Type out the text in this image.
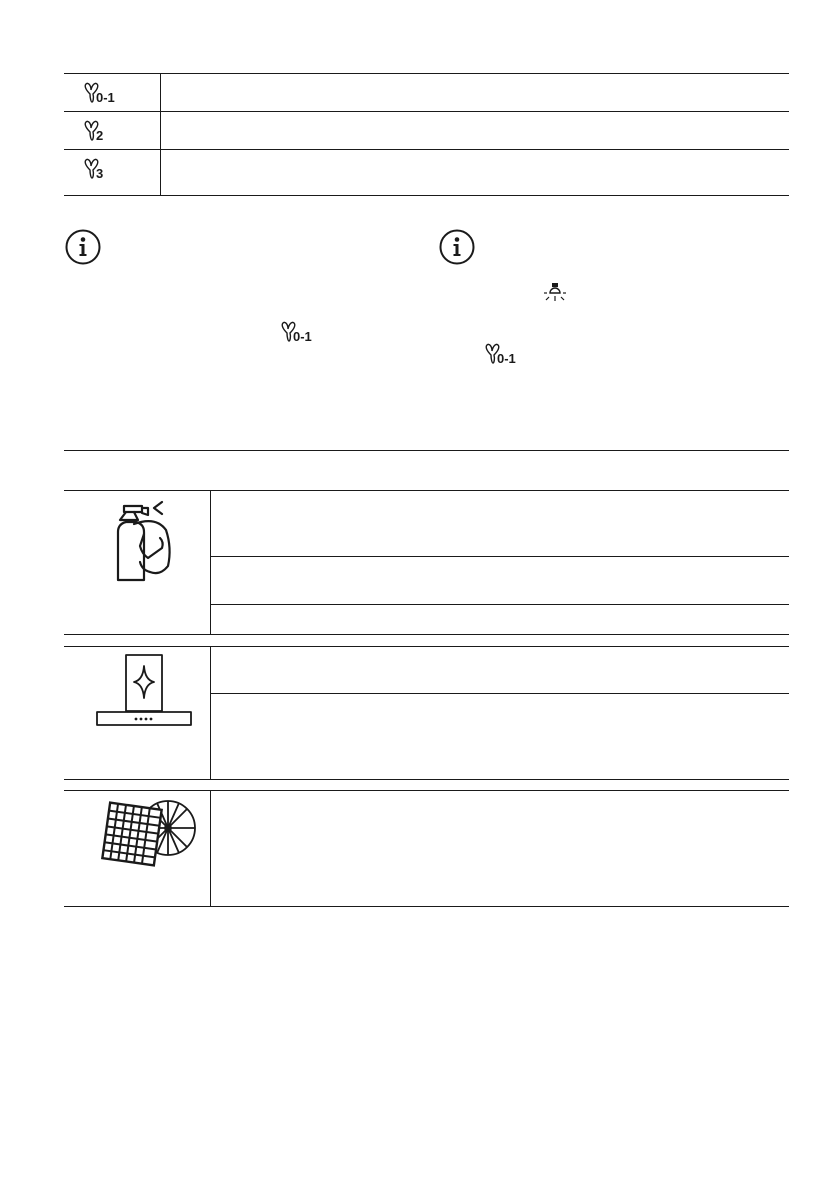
0-1	

2	

3	

0-1
0-1
